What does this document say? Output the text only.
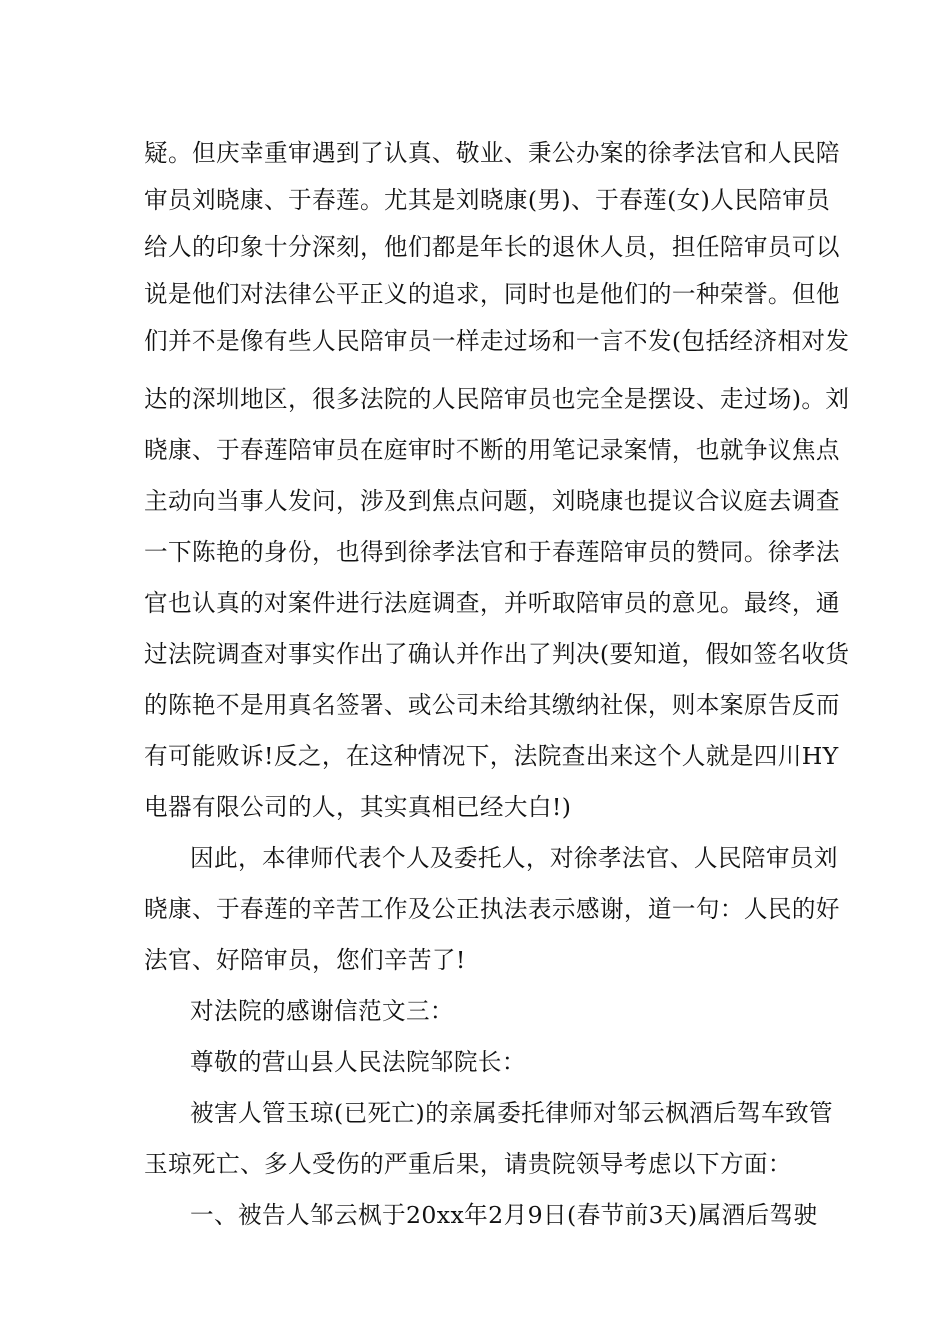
疑。但庆幸重审遇到了认真、敬业、秉公办案的徐孝法官和人民陪
审员刘晓康、于春莲。尤其是刘晓康(男)、于春莲(女)人民陪审员
给人的印象十分深刻，他们都是年长的退休人员，担任陪审员可以
说是他们对法律公平正义的追求，同时也是他们的一种荣誉。但他
们并不是像有些人民陪审员一样走过场和一言不发(包括经济相对发
达的深圳地区，很多法院的人民陪审员也完全是摆设、走过场)。刘
晓康、于春莲陪审员在庭审时不断的用笔记录案情，也就争议焦点
主动向当事人发问，涉及到焦点问题，刘晓康也提议合议庭去调查
一下陈艳的身份，也得到徐孝法官和于春莲陪审员的赞同。徐孝法
官也认真的对案件进行法庭调查，并听取陪审员的意见。最终，通
过法院调查对事实作出了确认并作出了判决(要知道，假如签名收货
的陈艳不是用真名签署、或公司未给其缴纳社保，则本案原告反而
有可能败诉!反之，在这种情况下，法院查出来这个人就是四川HY
电器有限公司的人，其实真相已经大白!)
因此，本律师代表个人及委托人，对徐孝法官、人民陪审员刘
晓康、于春莲的辛苦工作及公正执法表示感谢，道一句：人民的好
法官、好陪审员，您们辛苦了!
对法院的感谢信范文三：
尊敬的营山县人民法院邹院长：
被害人管玉琼(已死亡)的亲属委托律师对邹云枫酒后驾车致管
玉琼死亡、多人受伤的严重后果，请贵院领导考虑以下方面：
一、被告人邹云枫于20xx年2月9日(春节前3天)属酒后驾驶
